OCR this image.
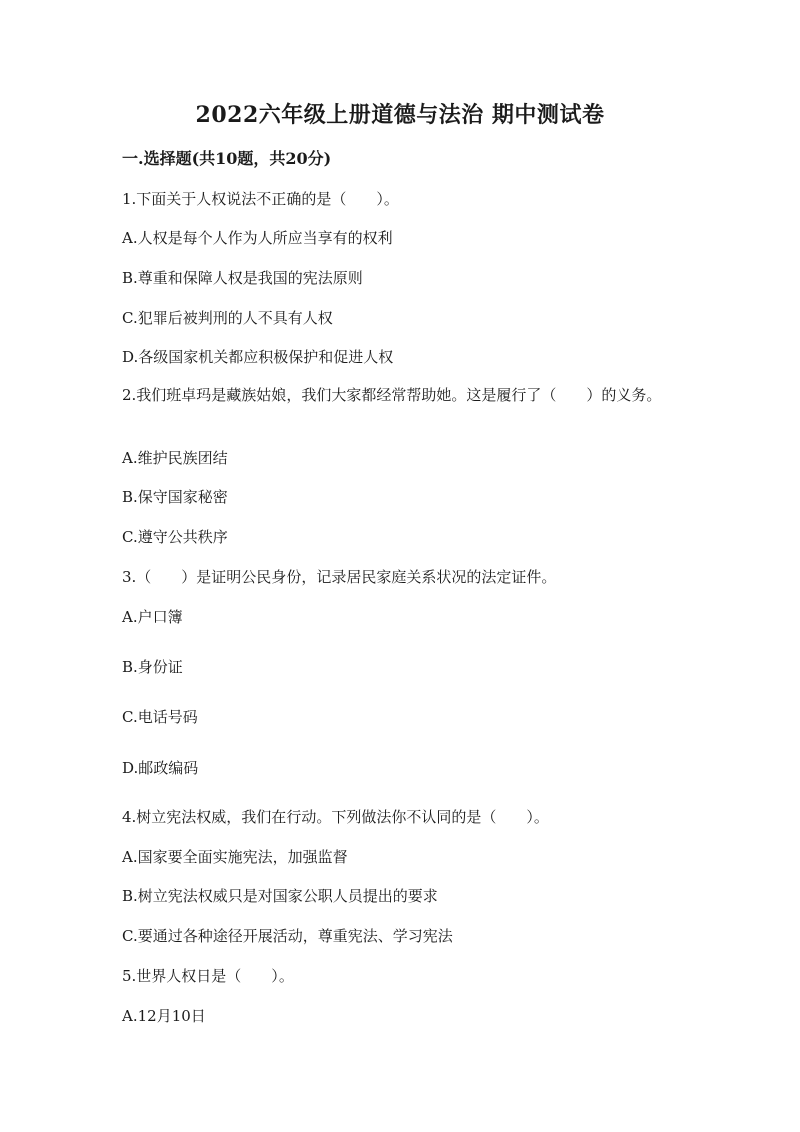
2022六年级上册道德与法治 期中测试卷
一.选择题(共10题，共20分)
1.下面关于人权说法不正确的是（　　）。
A.人权是每个人作为人所应当享有的权利
B.尊重和保障人权是我国的宪法原则
C.犯罪后被判刑的人不具有人权
D.各级国家机关都应积极保护和促进人权
2.我们班卓玛是藏族姑娘，我们大家都经常帮助她。这是履行了（　　）的义务。
A.维护民族团结
B.保守国家秘密
C.遵守公共秩序
3.（　　）是证明公民身份，记录居民家庭关系状况的法定证件。
A.户口簿
B.身份证
C.电话号码
D.邮政编码
4.树立宪法权威，我们在行动。下列做法你不认同的是（　　）。
A.国家要全面实施宪法，加强监督
B.树立宪法权威只是对国家公职人员提出的要求
C.要通过各种途径开展活动，尊重宪法、学习宪法
5.世界人权日是（　　）。
A.12月10日
